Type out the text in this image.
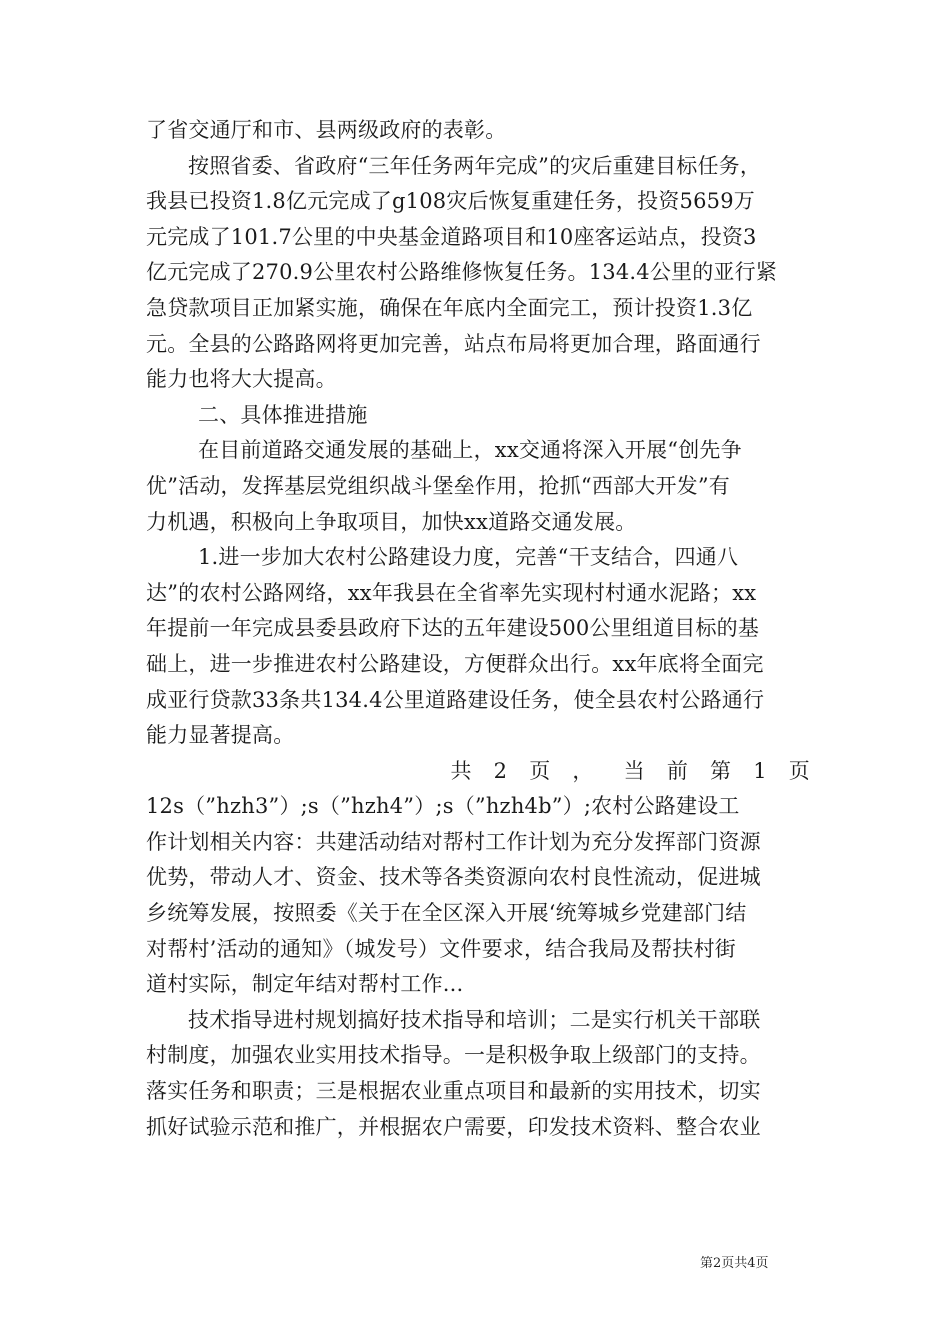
了省交通厅和市、县两级政府的表彰。
按照省委、省政府“三年任务两年完成”的灾后重建目标任务，
我县已投资1.8亿元完成了g108灾后恢复重建任务，投资5659万
元完成了101.7公里的中央基金道路项目和10座客运站点，投资3
亿元完成了270.9公里农村公路维修恢复任务。134.4公里的亚行紧
急贷款项目正加紧实施，确保在年底内全面完工，预计投资1.3亿
元。全县的公路路网将更加完善，站点布局将更加合理，路面通行
能力也将大大提高。
二、具体推进措施
在目前道路交通发展的基础上，xx交通将深入开展“创先争
优”活动，发挥基层党组织战斗堡垒作用，抢抓“西部大开发”有
力机遇，积极向上争取项目，加快xx道路交通发展。
1.进一步加大农村公路建设力度，完善“干支结合，四通八
达”的农村公路网络，xx年我县在全省率先实现村村通水泥路；xx
年提前一年完成县委县政府下达的五年建设500公里组道目标的基
础上，进一步推进农村公路建设，方便群众出行。xx年底将全面完
成亚行贷款33条共134.4公里道路建设任务，使全县农村公路通行
能力显著提高。
共 2 页 ， 当 前 第 1 页
12s（”hzh3”）;s（”hzh4”）;s（”hzh4b”）;农村公路建设工
作计划相关内容：共建活动结对帮村工作计划为充分发挥部门资源
优势，带动人才、资金、技术等各类资源向农村良性流动，促进城
乡统筹发展，按照委《关于在全区深入开展‘统筹城乡党建部门结
对帮村’活动的通知》（城发号）文件要求，结合我局及帮扶村街
道村实际，制定年结对帮村工作...
技术指导进村规划搞好技术指导和培训；二是实行机关干部联
村制度，加强农业实用技术指导。一是积极争取上级部门的支持。
落实任务和职责；三是根据农业重点项目和最新的实用技术，切实
抓好试验示范和推广，并根据农户需要，印发技术资料、整合农业
第2页共4页
